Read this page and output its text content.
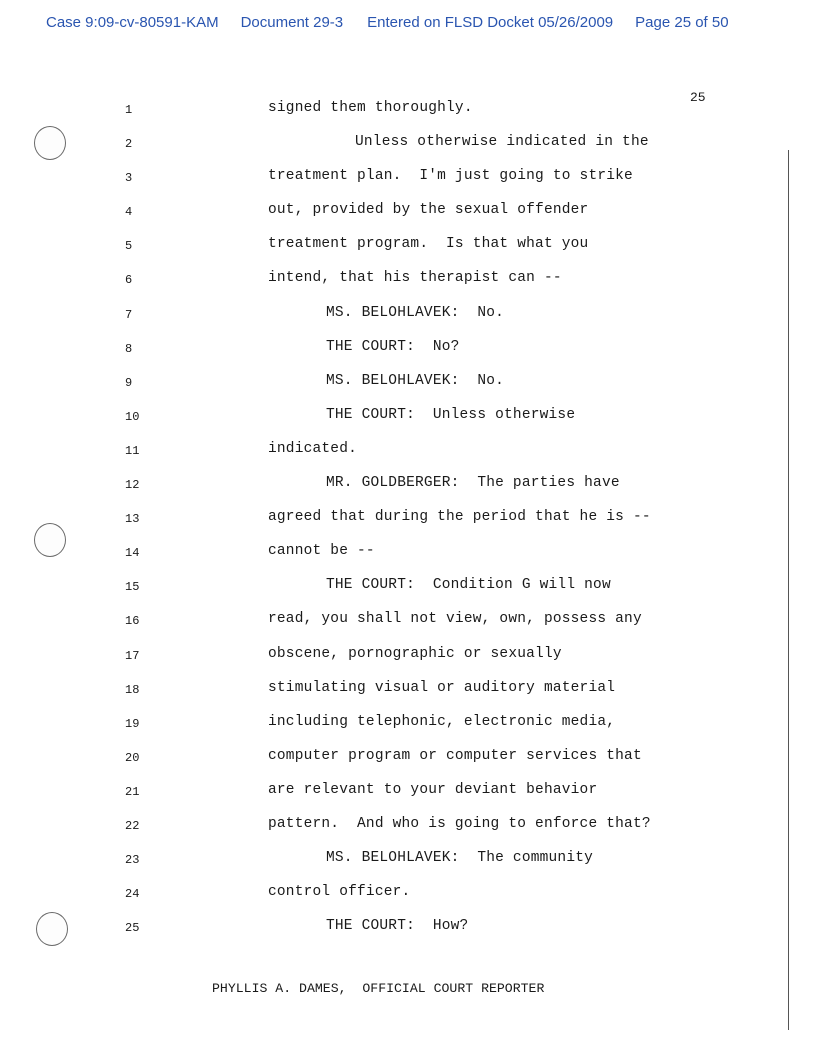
Case 9:09-cv-80591-KAM Document 29-3 Entered on FLSD Docket 05/26/2009 Page 25 of 50
25
1	signed them thoroughly.
2	Unless otherwise indicated in the
3	treatment plan.  I'm just going to strike
4	out, provided by the sexual offender
5	treatment program.  Is that what you
6	intend, that his therapist can --
7	MS. BELOHLAVEK:  No.
8	THE COURT:  No?
9	MS. BELOHLAVEK:  No.
10	THE COURT:  Unless otherwise
11	indicated.
12	MR. GOLDBERGER:  The parties have
13	agreed that during the period that he is --
14	cannot be --
15	THE COURT:  Condition G will now
16	read, you shall not view, own, possess any
17	obscene, pornographic or sexually
18	stimulating visual or auditory material
19	including telephonic, electronic media,
20	computer program or computer services that
21	are relevant to your deviant behavior
22	pattern.  And who is going to enforce that?
23	MS. BELOHLAVEK:  The community
24	control officer.
25	THE COURT:  How?
PHYLLIS A. DAMES,  OFFICIAL COURT REPORTER
